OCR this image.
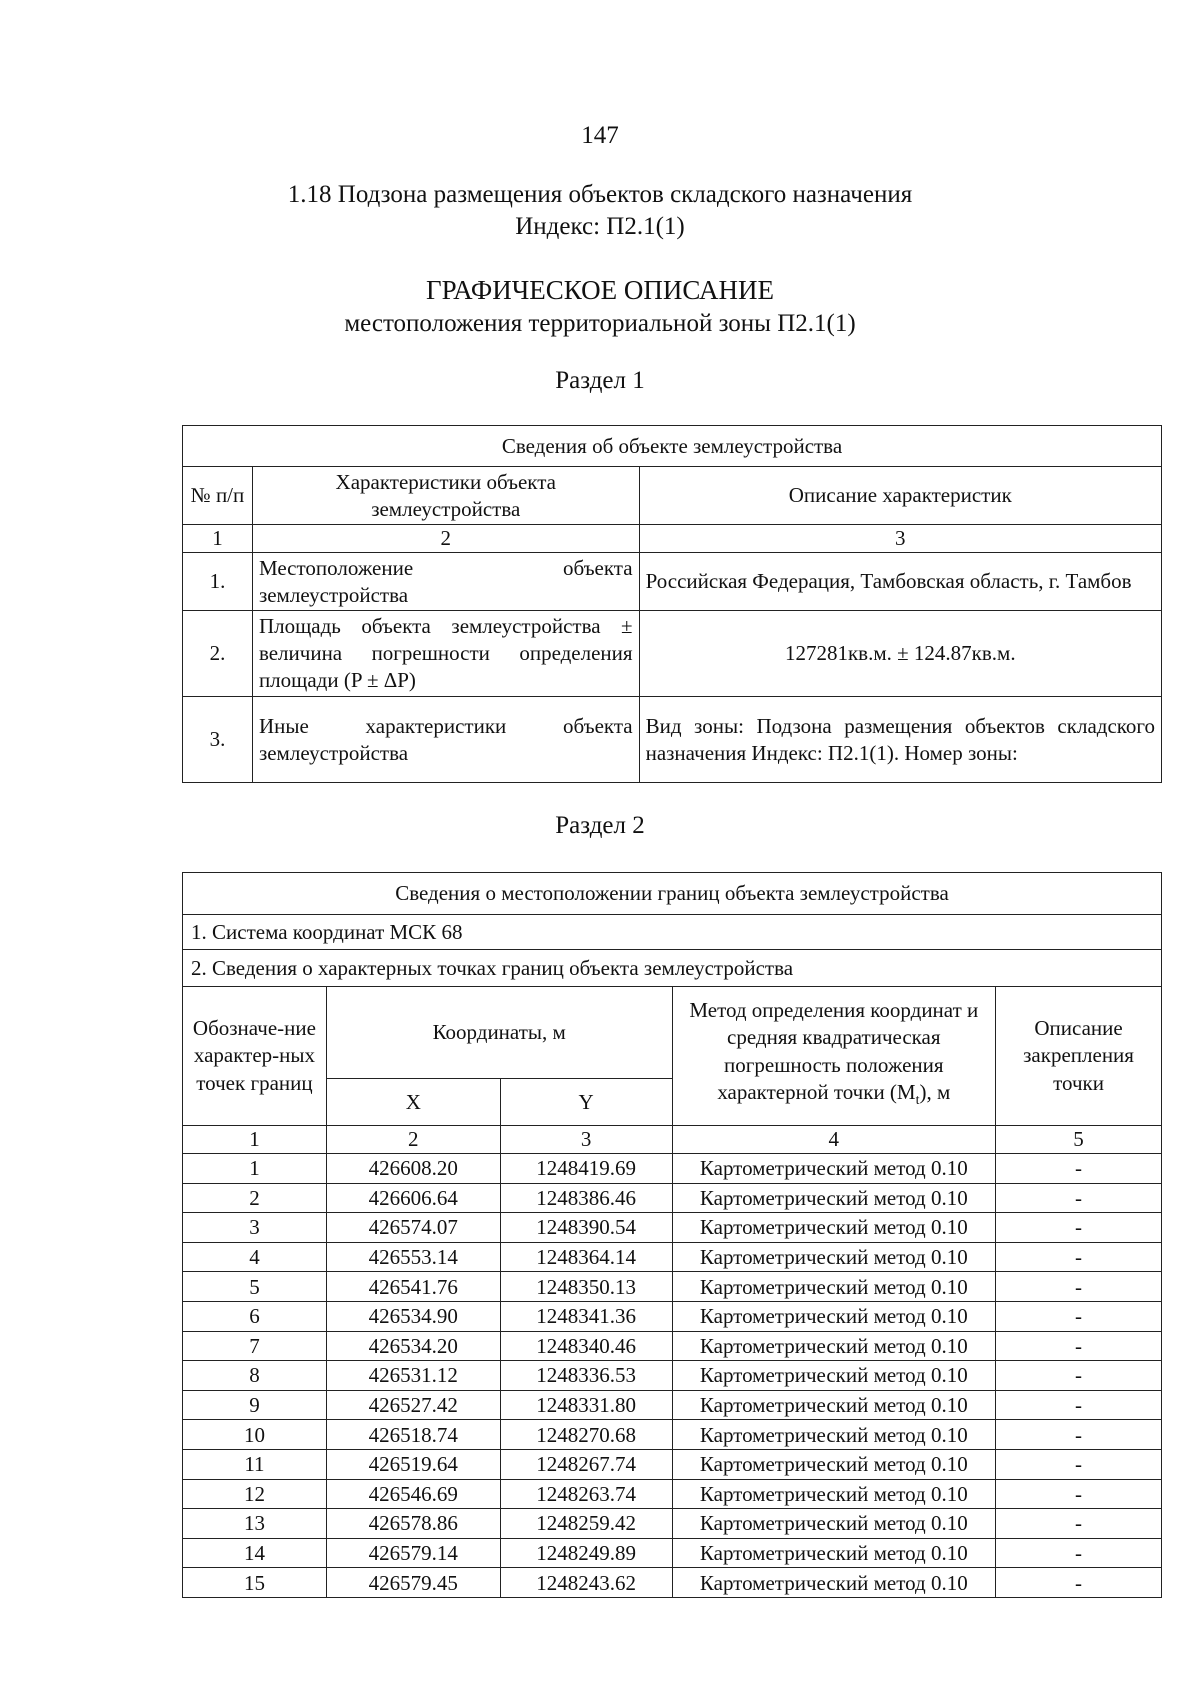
147
1.18 Подзона размещения объектов складского назначения
Индекс: П2.1(1)
ГРАФИЧЕСКОЕ ОПИСАНИЕ
местоположения территориальной зоны П2.1(1)
Раздел 1
Сведения об объекте землеустройства		
№ п/п	Характеристики объекта землеустройства	Описание характеристик
1	2	3
1.	Местоположение объекта землеустройства	Российская Федерация, Тамбовская область, г. Тамбов
2.	Площадь объекта землеустройства ± величина погрешности определения площади (P ± ΔP)	127281кв.м. ± 124.87кв.м.
3.	Иные характеристики объекта землеустройства	Вид зоны: Подзона размещения объектов складского назначения Индекс: П2.1(1). Номер зоны:
Раздел 2
Сведения о местоположении границ объекта землеустройства				
1. Система координат МСК 68				
2. Сведения о характерных точках границ объекта землеустройства				
Обозначе-ние характер-ных точек границ	Координаты, м		Метод определения координат и средняя квадратическая погрешность положения характерной точки $(M_t)$, м	Описание закрепления точки
	X	Y		
1	2	3	4	5
1	426608.20	1248419.69	Картометрический метод 0.10	-
2	426606.64	1248386.46	Картометрический метод 0.10	-
3	426574.07	1248390.54	Картометрический метод 0.10	-
4	426553.14	1248364.14	Картометрический метод 0.10	-
5	426541.76	1248350.13	Картометрический метод 0.10	-
6	426534.90	1248341.36	Картометрический метод 0.10	-
7	426534.20	1248340.46	Картометрический метод 0.10	-
8	426531.12	1248336.53	Картометрический метод 0.10	-
9	426527.42	1248331.80	Картометрический метод 0.10	-
10	426518.74	1248270.68	Картометрический метод 0.10	-
11	426519.64	1248267.74	Картометрический метод 0.10	-
12	426546.69	1248263.74	Картометрический метод 0.10	-
13	426578.86	1248259.42	Картометрический метод 0.10	-
14	426579.14	1248249.89	Картометрический метод 0.10	-
15	426579.45	1248243.62	Картометрический метод 0.10	-
